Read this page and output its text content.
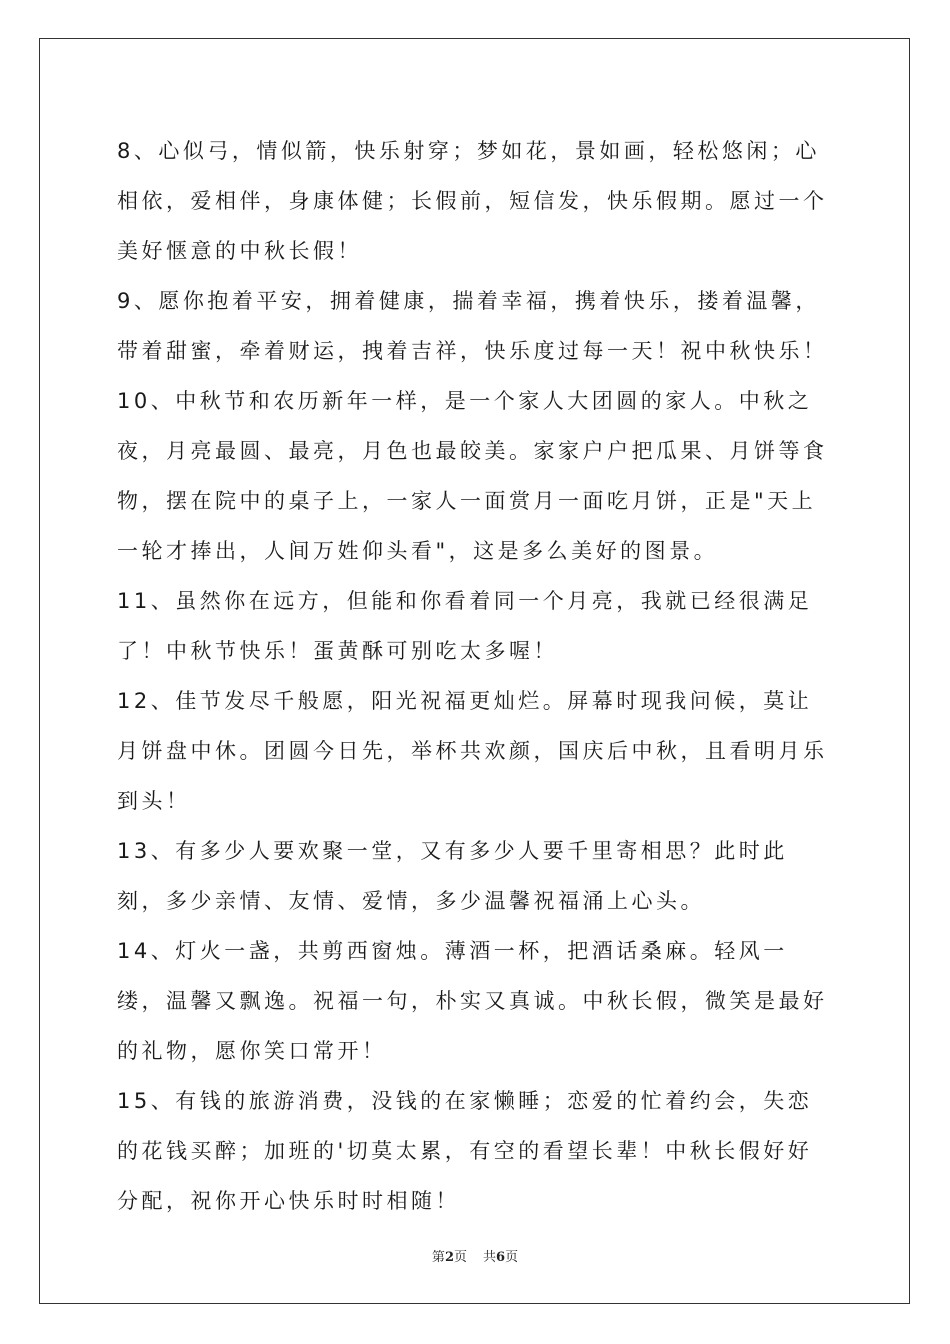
8、心似弓，情似箭，快乐射穿；梦如花，景如画，轻松悠闲；心相依，爱相伴，身康体健；长假前，短信发，快乐假期。愿过一个美好惬意的中秋长假！

9、愿你抱着平安，拥着健康，揣着幸福，携着快乐，搂着温馨，带着甜蜜，牵着财运，拽着吉祥，快乐度过每一天！祝中秋快乐！

10、中秋节和农历新年一样，是一个家人大团圆的家人。中秋之夜，月亮最圆、最亮，月色也最皎美。家家户户把瓜果、月饼等食物，摆在院中的桌子上，一家人一面赏月一面吃月饼，正是"天上一轮才捧出，人间万姓仰头看"，这是多么美好的图景。

11、虽然你在远方，但能和你看着同一个月亮，我就已经很满足了！中秋节快乐！蛋黄酥可别吃太多喔！

12、佳节发尽千般愿，阳光祝福更灿烂。屏幕时现我问候，莫让月饼盘中休。团圆今日先，举杯共欢颜，国庆后中秋，且看明月乐到头！

13、有多少人要欢聚一堂，又有多少人要千里寄相思？此时此刻，多少亲情、友情、爱情，多少温馨祝福涌上心头。

14、灯火一盏，共剪西窗烛。薄酒一杯，把酒话桑麻。轻风一缕，温馨又飘逸。祝福一句，朴实又真诚。中秋长假，微笑是最好的礼物，愿你笑口常开！

15、有钱的旅游消费，没钱的在家懒睡；恋爱的忙着约会，失恋的花钱买醉；加班的'切莫太累，有空的看望长辈！中秋长假好好分配，祝你开心快乐时时相随！

第2页 共6页
